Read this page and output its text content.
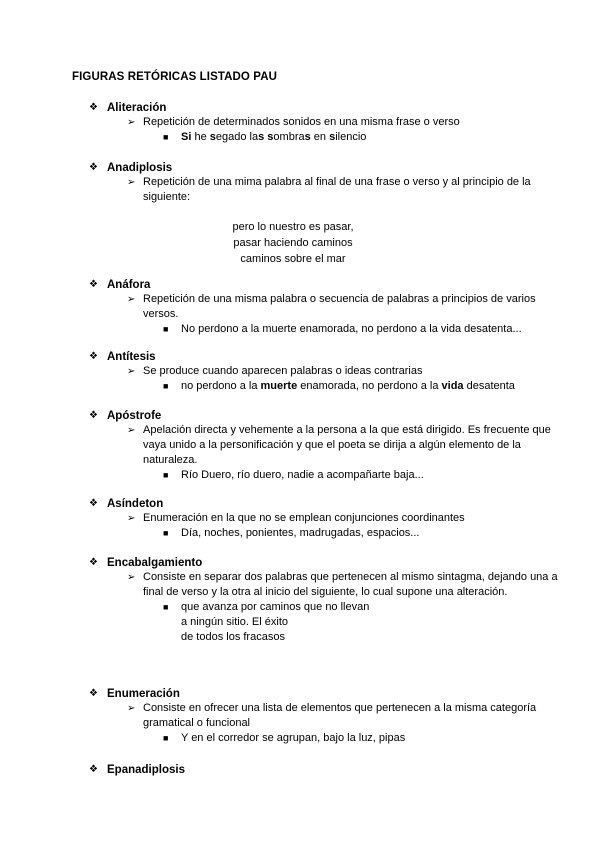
FIGURAS RETÓRICAS LISTADO PAU
❖ Aliteración
➢ Repetición de determinados sonidos en una misma frase o verso
■	Si he segado las sombras en silencio
❖ Anadiplosis
➢ Repetición de una mima palabra al final de una frase o verso y al principio de la siguiente:
pero lo nuestro es pasar,
pasar haciendo caminos
caminos sobre el mar
❖ Anáfora
➢ Repetición de una misma palabra o secuencia de palabras a principios de varios versos.
■	No perdono a la muerte enamorada, no perdono a la vida desatenta...
❖ Antítesis
➢ Se produce cuando aparecen palabras o ideas contrarias
■	no perdono a la muerte enamorada, no perdono a la vida desatenta
❖ Apóstrofe
➢ Apelación directa y vehemente a la persona a la que está dirigido. Es frecuente que vaya unido a la personificación y que el poeta se dirija a algún elemento de la naturaleza.
■	Río Duero, río duero, nadie a acompañarte baja...
❖ Asíndeton
➢ Enumeración en la que no se emplean conjunciones coordinantes
■	Día, noches, ponientes, madrugadas, espacios...
❖ Encabalgamiento
➢ Consiste en separar dos palabras que pertenecen al mismo sintagma, dejando una a final de verso y la otra al inicio del siguiente, lo cual supone una alteración.
■	que avanza por caminos que no llevan
a ningún sitio. El éxito
de todos los fracasos
❖ Enumeración
➢ Consiste en ofrecer una lista de elementos que pertenecen a la misma categoría gramatical o funcional
■	Y en el corredor se agrupan, bajo la luz, pipas
❖ Epanadiplosis
